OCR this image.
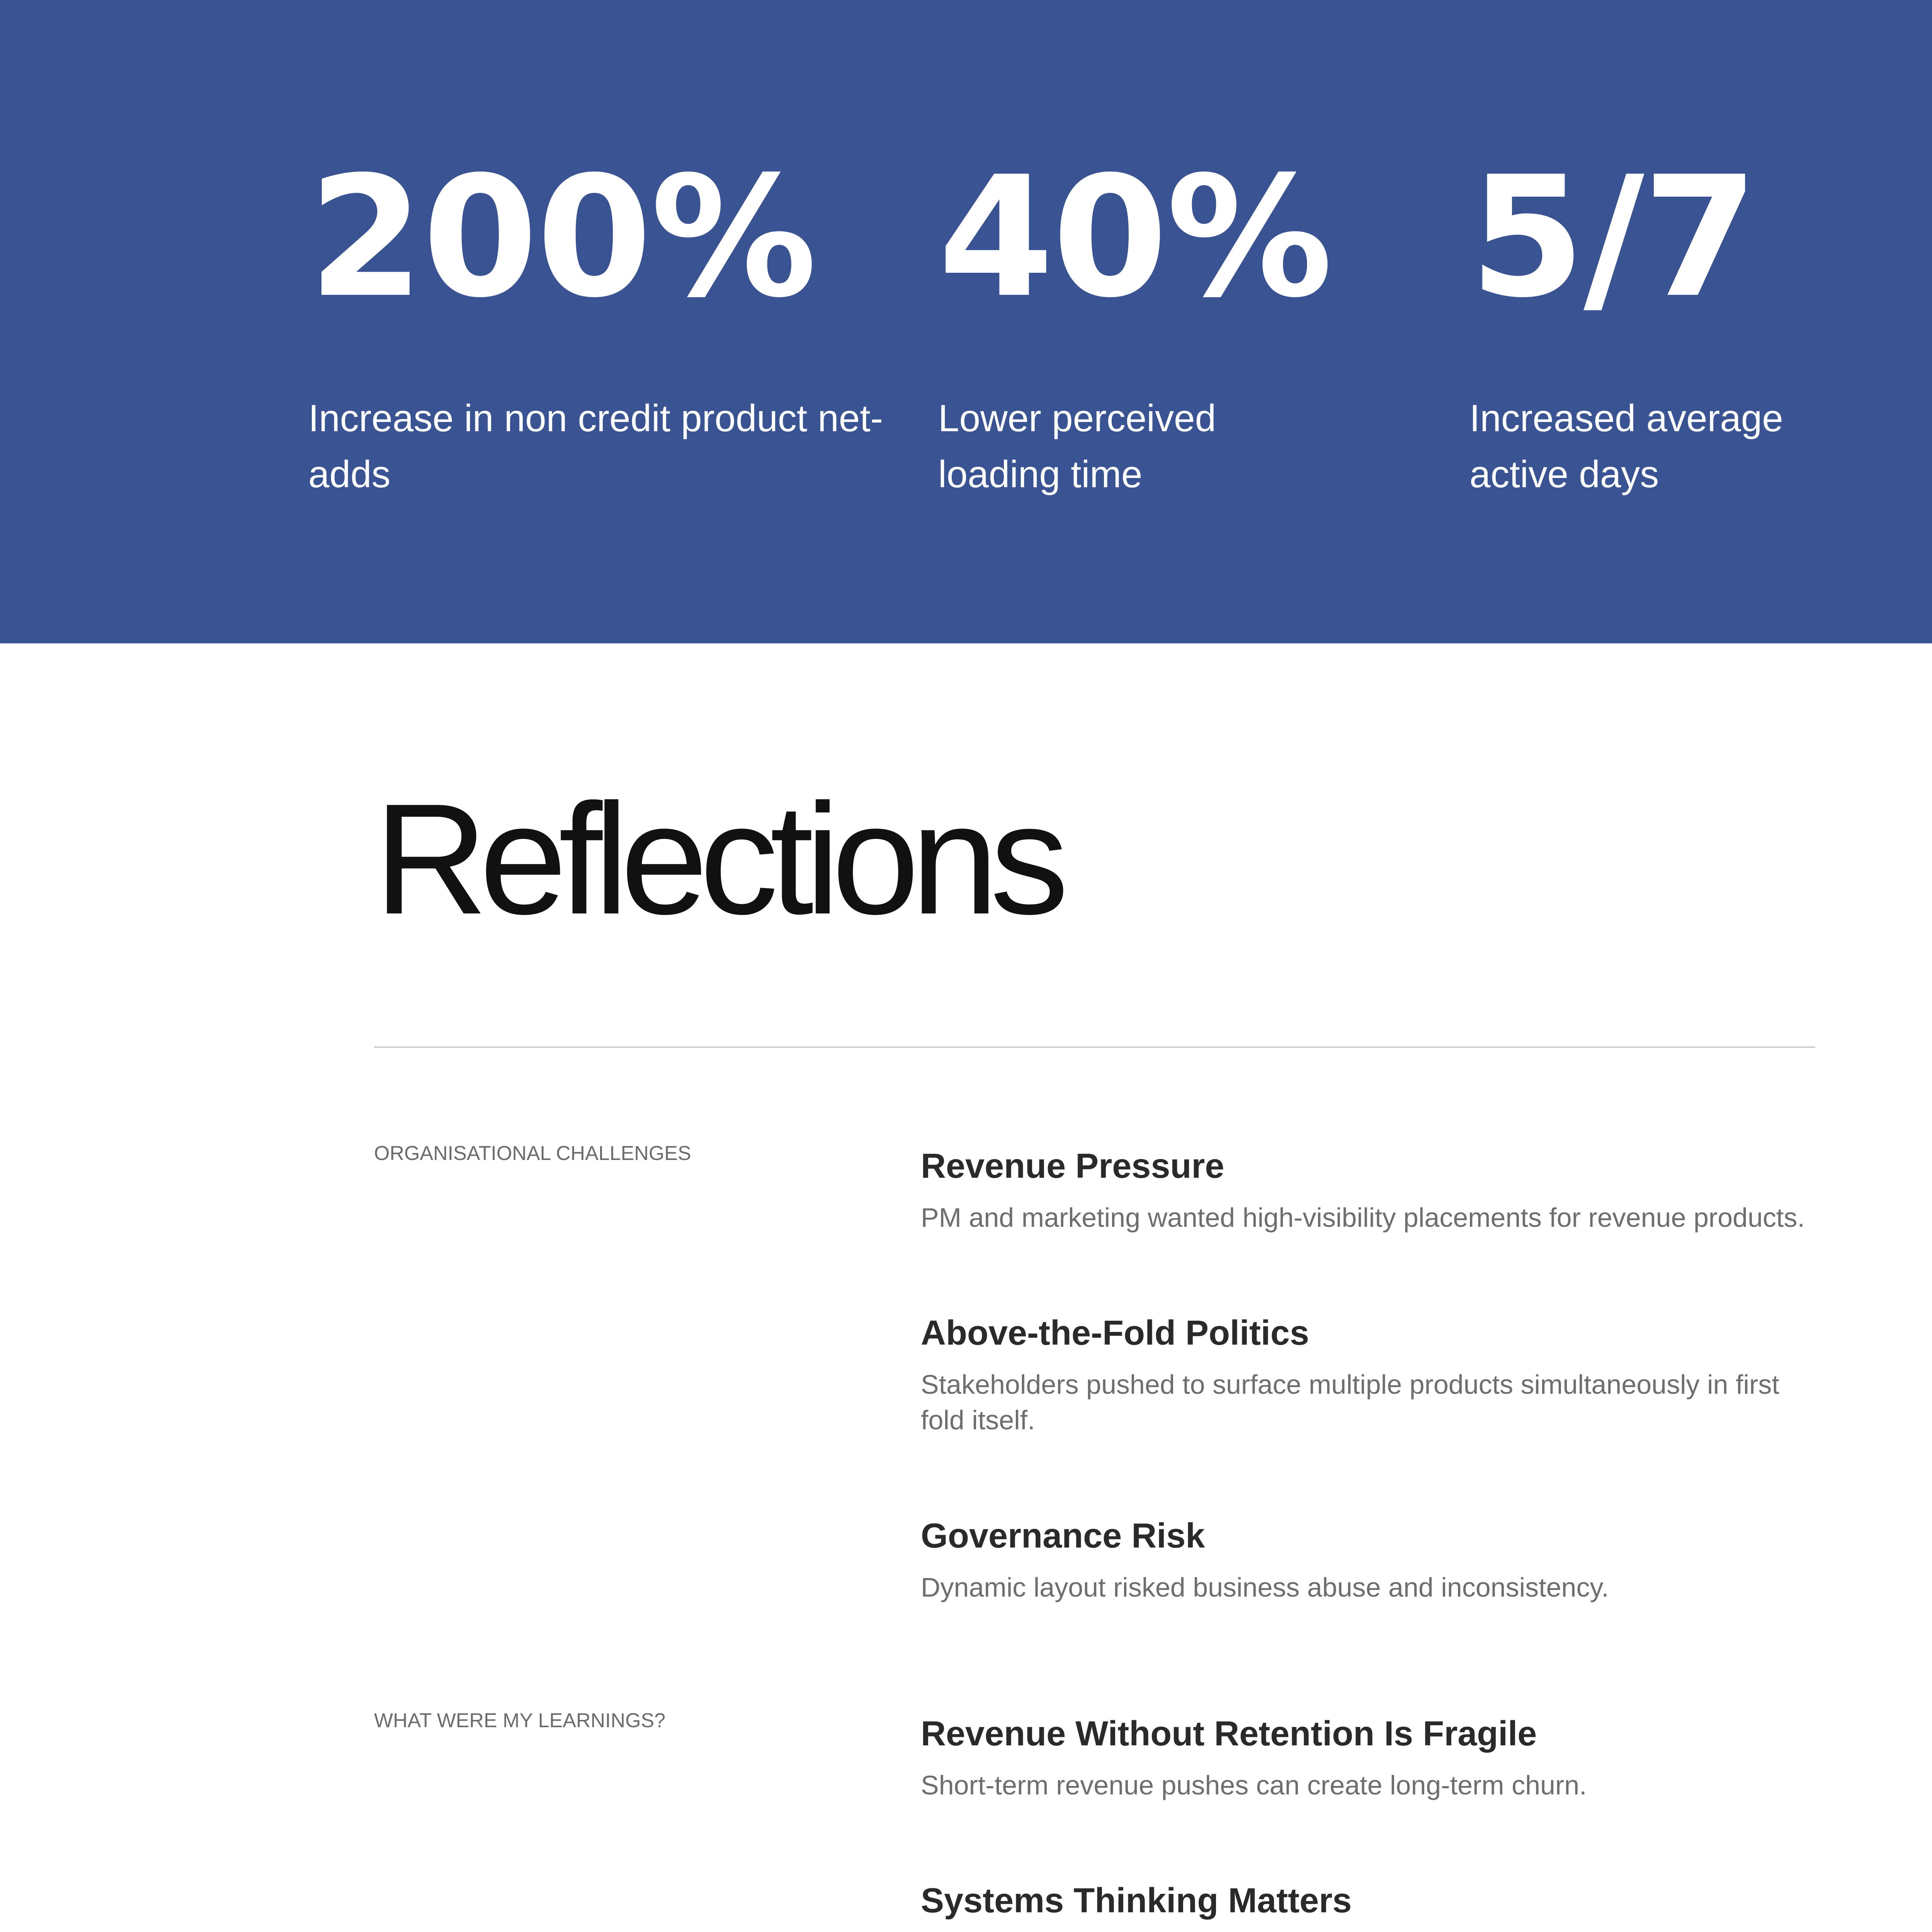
200%
Increase in non credit product net-adds
40%
Lower perceived loading time
5/7
Increased average active days
Reflections
ORGANISATIONAL CHALLENGES	Revenue Pressure
PM and marketing wanted high-visibility placements for revenue products.
Above-the-Fold Politics
Stakeholders pushed to surface multiple products simultaneously in first fold itself.
Governance Risk
Dynamic layout risked business abuse and inconsistency.
WHAT WERE MY LEARNINGS?	Revenue Without Retention Is Fragile
Short-term revenue pushes can create long-term churn.
Systems Thinking Matters
